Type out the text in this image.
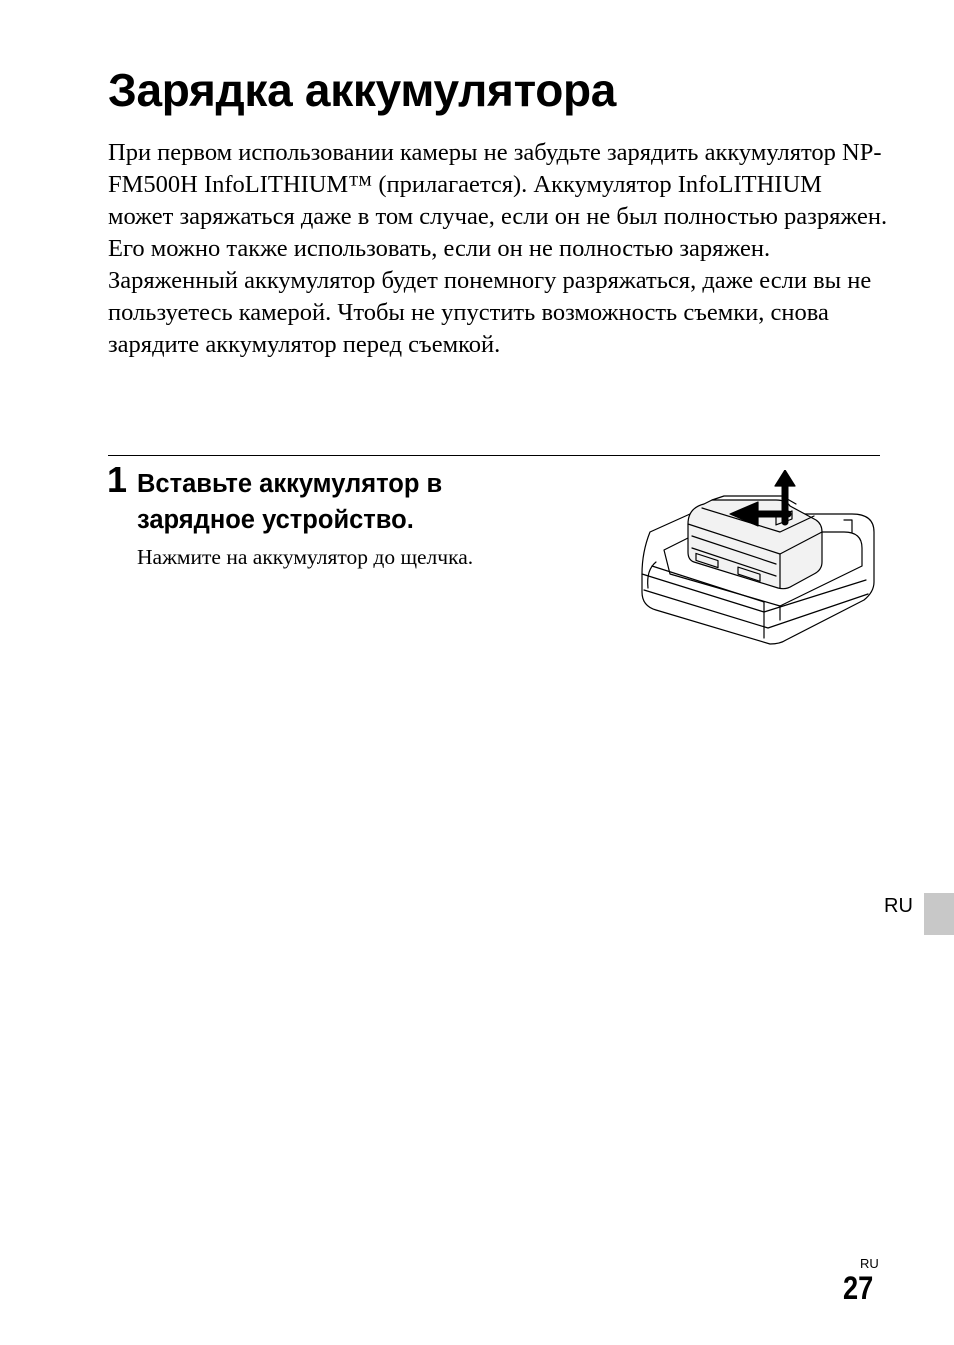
Зарядка аккумулятора

При первом использовании камеры не забудьте зарядить аккумулятор NP-FM500H InfoLITHIUM™ (прилагается). Аккумулятор InfoLITHIUM может заряжаться даже в том случае, если он не был полностью разряжен.

Его можно также использовать, если он не полностью заряжен. Заряженный аккумулятор будет понемногу разряжаться, даже если вы не пользуетесь камерой. Чтобы не упустить возможность съемки, снова зарядите аккумулятор перед съемкой.

1 Вставьте аккумулятор в зарядное устройство.

Нажмите на аккумулятор до щелчка.

RU
RU
27
